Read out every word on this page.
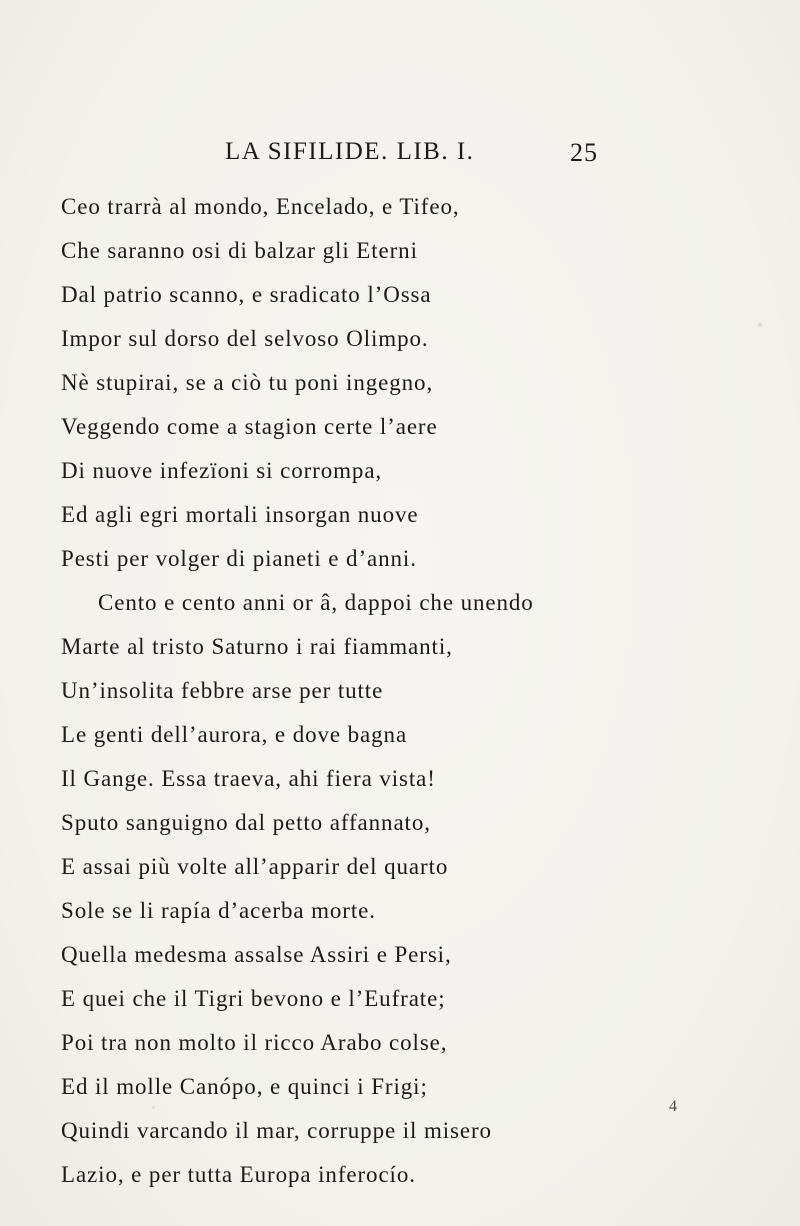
LA SIFILIDE. LIB. I.	25
Ceo trarrà al mondo, Encelado, e Tifeo,
Che saranno osi di balzar gli Eterni
Dal patrio scanno, e sradicato l’Ossa
Impor sul dorso del selvoso Olimpo.
Nè stupirai, se a ciò tu poni ingegno,
Veggendo come a stagion certe l’aere
Di nuove infezïoni si corrompa,
Ed agli egri mortali insorgan nuove
Pesti per volger di pianeti e d’anni.
Cento e cento anni or â, dappoi che unendo
Marte al tristo Saturno i rai fiammanti,
Un’insolita febbre arse per tutte
Le genti dell’aurora, e dove bagna
Il Gange. Essa traeva, ahi fiera vista!
Sputo sanguigno dal petto affannato,
E assai più volte all’apparir del quarto
Sole se li rapía d’acerba morte.
Quella medesma assalse Assiri e Persi,
E quei che il Tigri bevono e l’Eufrate;
Poi tra non molto il ricco Arabo colse,
Ed il molle Canópo, e quinci i Frigi;
Quindi varcando il mar, corruppe il misero
Lazio, e per tutta Europa inferocío.
4
